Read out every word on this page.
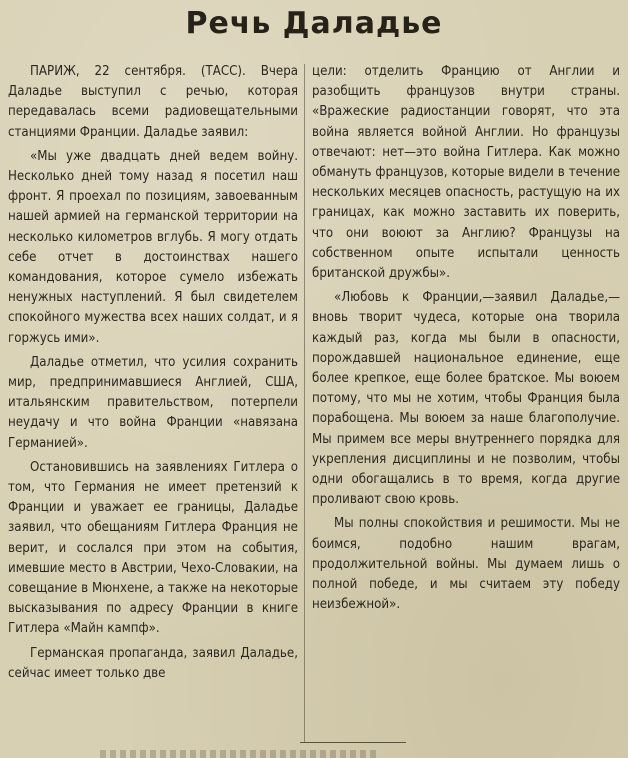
Речь Даладье

ПАРИЖ, 22 сентября. (ТАСС). Вчера Даладье выступил с речью, которая передавалась всеми радиовещательными станциями Франции. Даладье заявил:

«Мы уже двадцать дней ведем войну. Несколько дней тому назад я посетил наш фронт. Я проехал по позициям, завоеванным нашей армией на германской территории на несколько километров вглубь. Я могу отдать себе отчет в достоинствах нашего командования, которое сумело избежать ненужных наступлений. Я был свидетелем спокойного мужества всех наших солдат, и я горжусь ими».

Даладье отметил, что усилия сохранить мир, предпринимавшиеся Англией, США, итальянским правительством, потерпели неудачу и что война Франции «навязана Германией».

Остановившись на заявлениях Гитлера о том, что Германия не имеет претензий к Франции и уважает ее границы, Даладье заявил, что обещаниям Гитлера Франция не верит, и сослался при этом на события, имевшие место в Австрии, Чехо-Словакии, на совещание в Мюнхене, а также на некоторые высказывания по адресу Франции в книге Гитлера «Майн кампф».

Германская пропаганда, заявил Даладье, сейчас имеет только две

цели: отделить Францию от Англии и разобщить французов внутри страны. «Вражеские радиостанции говорят, что эта война является войной Англии. Но французы отвечают: нет—это война Гитлера. Как можно обмануть французов, которые видели в течение нескольких месяцев опасность, растущую на их границах, как можно заставить их поверить, что они воюют за Англию? Французы на собственном опыте испытали ценность британской дружбы».

«Любовь к Франции,—заявил Даладье,—вновь творит чудеса, которые она творила каждый раз, когда мы были в опасности, порождавшей национальное единение, еще более крепкое, еще более братское. Мы воюем потому, что мы не хотим, чтобы Франция была порабощена. Мы воюем за наше благополучие. Мы примем все меры внутреннего порядка для укрепления дисциплины и не позволим, чтобы одни обогащались в то время, когда другие проливают свою кровь.

Мы полны спокойствия и решимости. Мы не боимся, подобно нашим врагам, продолжительной войны. Мы думаем лишь о полной победе, и мы считаем эту победу неизбежной».
